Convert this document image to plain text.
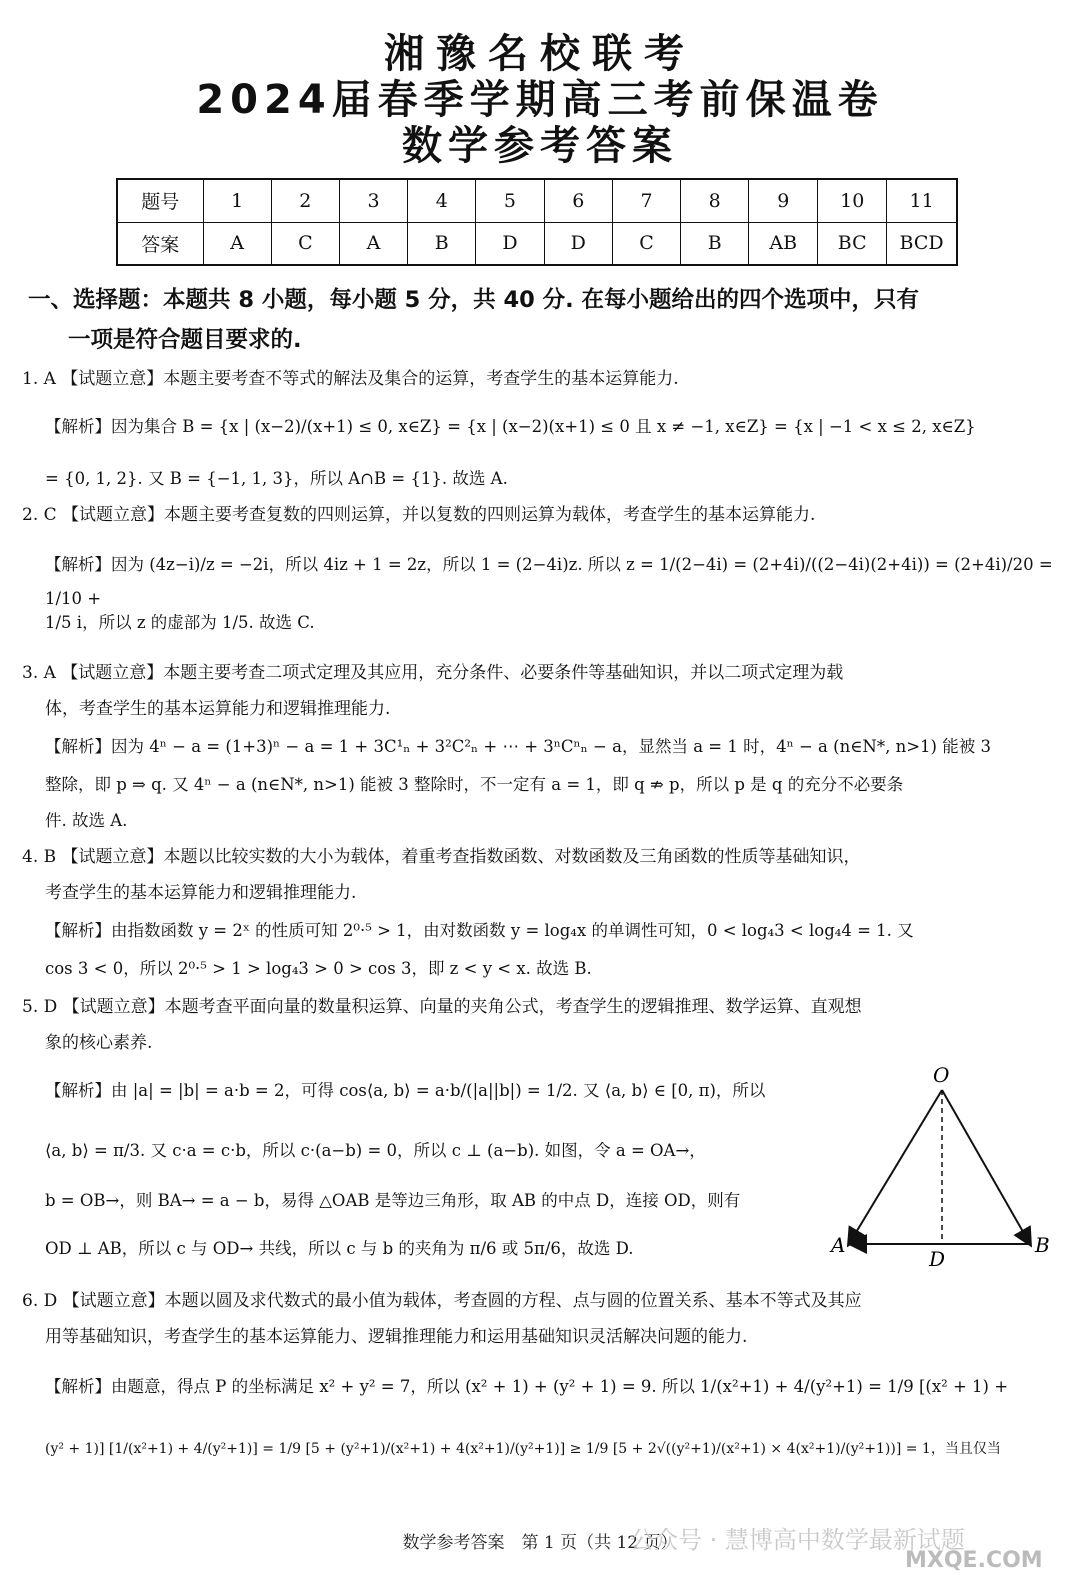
湘豫名校联考
2024届春季学期高三考前保温卷
数学参考答案
题号	1	2	3	4	5	6	7	8	9	10	11
答案	A	C	A	B	D	D	C	B	AB	BC	BCD
一、选择题：本题共 8 小题，每小题 5 分，共 40 分. 在每小题给出的四个选项中，只有
一项是符合题目要求的.
1. A 【试题立意】本题主要考查不等式的解法及集合的运算，考查学生的基本运算能力.
【解析】因为集合 B = {x | (x−2)/(x+1) ≤ 0, x∈Z} = {x | (x−2)(x+1) ≤ 0 且 x ≠ −1, x∈Z} = {x | −1 < x ≤ 2, x∈Z}
= {0, 1, 2}. 又 B = {−1, 1, 3}，所以 A∩B = {1}. 故选 A.
2. C 【试题立意】本题主要考查复数的四则运算，并以复数的四则运算为载体，考查学生的基本运算能力.
【解析】因为 (4z−i)/z = −2i，所以 4iz + 1 = 2z，所以 1 = (2−4i)z. 所以 z = 1/(2−4i) = (2+4i)/((2−4i)(2+4i)) = (2+4i)/20 = 1/10 +
1/5 i，所以 z 的虚部为 1/5. 故选 C.
3. A 【试题立意】本题主要考查二项式定理及其应用，充分条件、必要条件等基础知识，并以二项式定理为载
体，考查学生的基本运算能力和逻辑推理能力.
【解析】因为 4ⁿ − a = (1+3)ⁿ − a = 1 + 3C¹ₙ + 3²C²ₙ + ⋯ + 3ⁿCⁿₙ − a，显然当 a = 1 时，4ⁿ − a (n∈N*, n>1) 能被 3
整除，即 p ⇒ q. 又 4ⁿ − a (n∈N*, n>1) 能被 3 整除时，不一定有 a = 1，即 q ⇏ p，所以 p 是 q 的充分不必要条
件. 故选 A.
4. B 【试题立意】本题以比较实数的大小为载体，着重考查指数函数、对数函数及三角函数的性质等基础知识，
考查学生的基本运算能力和逻辑推理能力.
【解析】由指数函数 y = 2ˣ 的性质可知 2⁰·⁵ > 1，由对数函数 y = log₄x 的单调性可知，0 < log₄3 < log₄4 = 1. 又
cos 3 < 0，所以 2⁰·⁵ > 1 > log₄3 > 0 > cos 3，即 z < y < x. 故选 B.
5. D 【试题立意】本题考查平面向量的数量积运算、向量的夹角公式，考查学生的逻辑推理、数学运算、直观想
象的核心素养.
【解析】由 |a| = |b| = a·b = 2，可得 cos⟨a, b⟩ = a·b/(|a||b|) = 1/2. 又 ⟨a, b⟩ ∈ [0, π)，所以
⟨a, b⟩ = π/3. 又 c·a = c·b，所以 c·(a−b) = 0，所以 c ⊥ (a−b). 如图，令 a = OA→，
b = OB→，则 BA→ = a − b，易得 △OAB 是等边三角形，取 AB 的中点 D，连接 OD，则有
OD ⊥ AB，所以 c 与 OD→ 共线，所以 c 与 b 的夹角为 π/6 或 5π/6，故选 D.
O
A	B
D
6. D 【试题立意】本题以圆及求代数式的最小值为载体，考查圆的方程、点与圆的位置关系、基本不等式及其应
用等基础知识，考查学生的基本运算能力、逻辑推理能力和运用基础知识灵活解决问题的能力.
【解析】由题意，得点 P 的坐标满足 x² + y² = 7，所以 (x² + 1) + (y² + 1) = 9. 所以 1/(x²+1) + 4/(y²+1) = 1/9 [(x² + 1) +
(y² + 1)] [1/(x²+1) + 4/(y²+1)] = 1/9 [5 + (y²+1)/(x²+1) + 4(x²+1)/(y²+1)] ≥ 1/9 [5 + 2√((y²+1)/(x²+1) × 4(x²+1)/(y²+1))] = 1，当且仅当
数学参考答案　第 1 页（共 12 页）
公众号 · 慧博高中数学最新试题
MXQE.COM
